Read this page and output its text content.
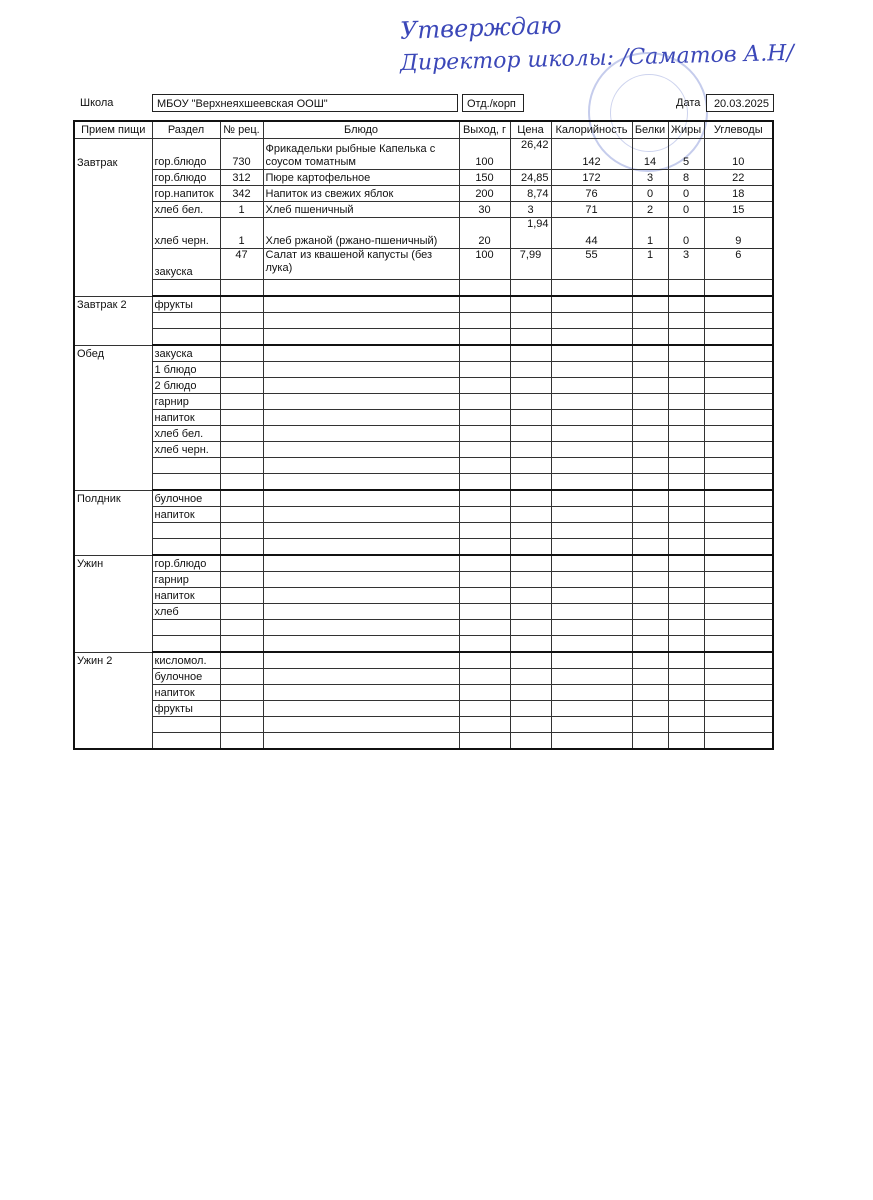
Утверждаю
Директор школы: /Саматов А.Н/
Школа	МБОУ "Верхнеяхшеевская ООШ"	Отд./корп	Дата	20.03.2025
Прием пищи	Раздел	№ рец.	Блюдо	Выход, г	Цена	Калорийность	Белки	Жиры	Углеводы
Завтрак	гор.блюдо	730	Фрикадельки рыбные Капелька с соусом томатным	100	26,42	142	14	5	10
	гор.блюдо	312	Пюре картофельное	150	24,85	172	3	8	22
	гор.напиток	342	Напиток из свежих яблок	200	8,74	76	0	0	18
	хлеб бел.	1	Хлеб пшеничный	30	3	71	2	0	15
	хлеб черн.	1	Хлеб ржаной (ржано-пшеничный)	20	1,94	44	1	0	9
	закуска	47	Салат из квашеной капусты (без лука)	100	7,99	55	1	3	6

Завтрак 2	фрукты								

Обед	закуска								
	1 блюдо								
	2 блюдо								
	гарнир								
	напиток								
	хлеб бел.								
	хлеб черн.								

Полдник	булочное								
	напиток								

Ужин	гор.блюдо								
	гарнир								
	напиток								
	хлеб								

Ужин 2	кисломол.								
	булочное								
	напиток								
	фрукты								
